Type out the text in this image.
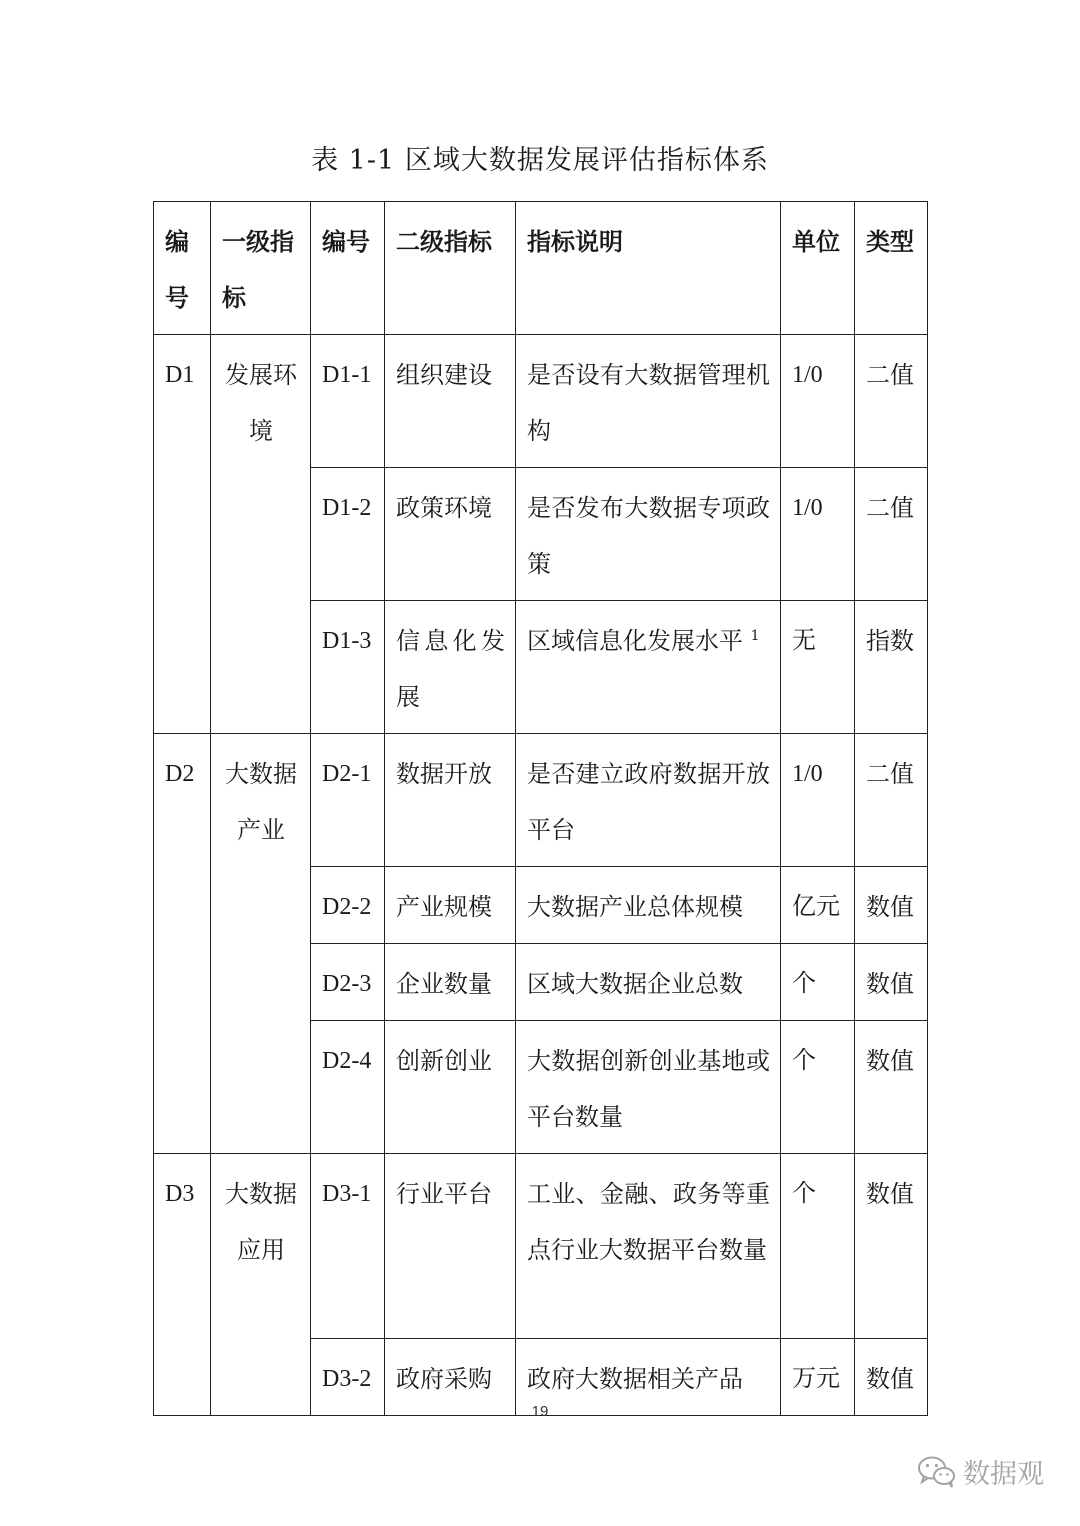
表 1-1 区域大数据发展评估指标体系
编号	一级指标	编号	二级指标	指标说明	单位	类型
D1	发展环境	D1-1	组织建设	是否设有大数据管理机构	1/0	二值
		D1-2	政策环境	是否发布大数据专项政策	1/0	二值
		D1-3	信息化发展	区域信息化发展水平 $^1$	无	指数
D2	大数据产业	D2-1	数据开放	是否建立政府数据开放平台	1/0	二值
		D2-2	产业规模	大数据产业总体规模	亿元	数值
		D2-3	企业数量	区域大数据企业总数	个	数值
		D2-4	创新创业	大数据创新创业基地或平台数量	个	数值
D3	大数据应用	D3-1	行业平台	工业、金融、政务等重点行业大数据平台数量	个	数值
		D3-2	政府采购	政府大数据相关产品	万元	数值
19
数据观
